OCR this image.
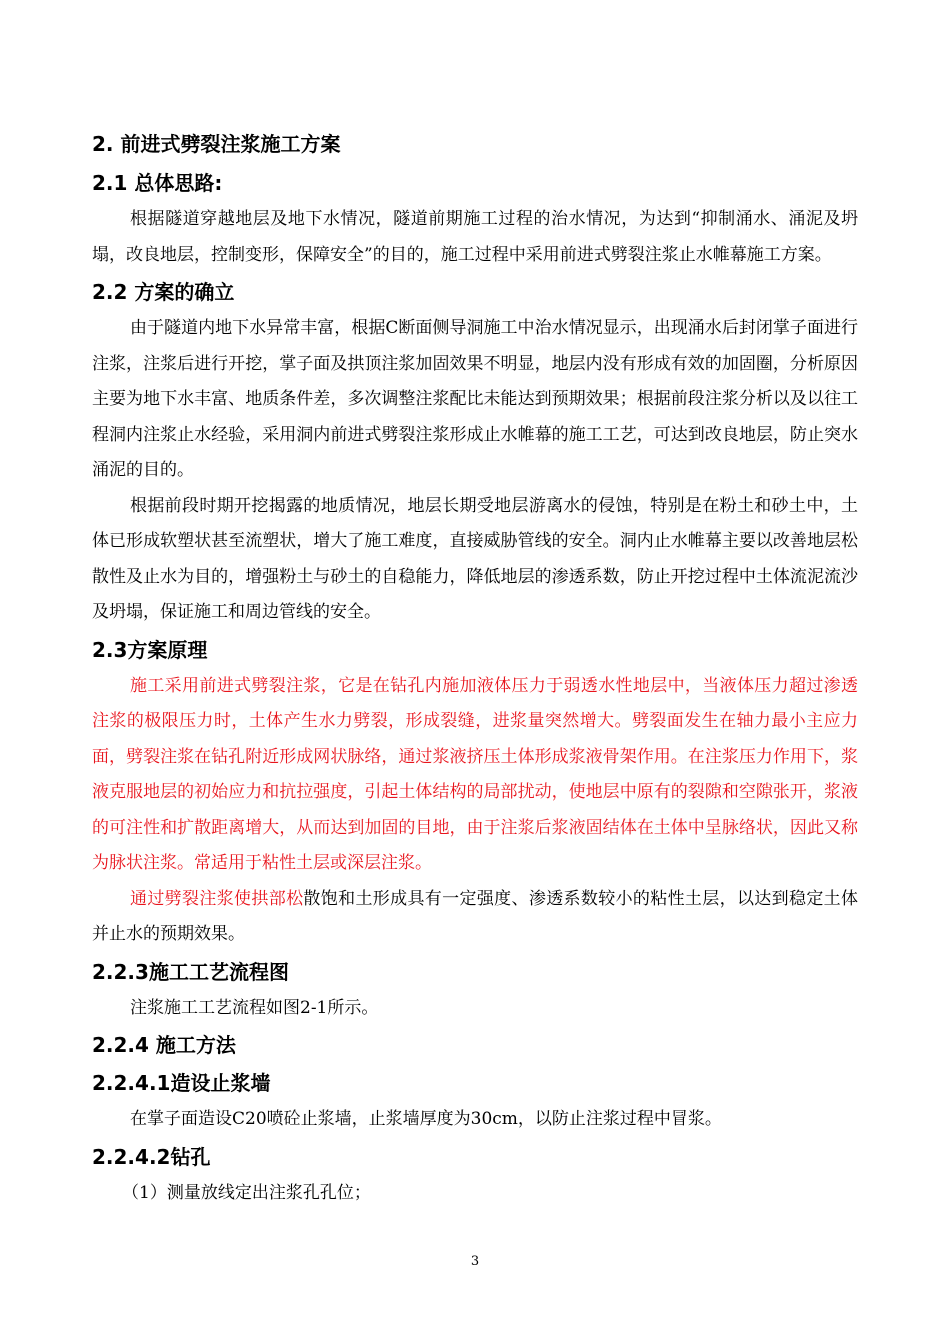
2. 前进式劈裂注浆施工方案
2.1 总体思路:

根据隧道穿越地层及地下水情况，隧道前期施工过程的治水情况，为达到“抑制涌水、涌泥及坍塌，改良地层，控制变形，保障安全”的目的，施工过程中采用前进式劈裂注浆止水帷幕施工方案。

2.2 方案的确立

由于隧道内地下水异常丰富，根据C断面侧导洞施工中治水情况显示，出现涌水后封闭掌子面进行注浆，注浆后进行开挖，掌子面及拱顶注浆加固效果不明显，地层内没有形成有效的加固圈，分析原因主要为地下水丰富、地质条件差，多次调整注浆配比未能达到预期效果；根据前段注浆分析以及以往工程洞内注浆止水经验，采用洞内前进式劈裂注浆形成止水帷幕的施工工艺，可达到改良地层，防止突水涌泥的目的。

根据前段时期开挖揭露的地质情况，地层长期受地层游离水的侵蚀，特别是在粉土和砂土中，土体已形成软塑状甚至流塑状，增大了施工难度，直接威胁管线的安全。洞内止水帷幕主要以改善地层松散性及止水为目的，增强粉土与砂土的自稳能力，降低地层的渗透系数，防止开挖过程中土体流泥流沙及坍塌，保证施工和周边管线的安全。

2.3方案原理

施工采用前进式劈裂注浆，它是在钻孔内施加液体压力于弱透水性地层中，当液体压力超过渗透注浆的极限压力时，土体产生水力劈裂，形成裂缝，进浆量突然增大。劈裂面发生在轴力最小主应力面，劈裂注浆在钻孔附近形成网状脉络，通过浆液挤压土体形成浆液骨架作用。在注浆压力作用下，浆液克服地层的初始应力和抗拉强度，引起土体结构的局部扰动，使地层中原有的裂隙和空隙张开，浆液的可注性和扩散距离增大，从而达到加固的目地，由于注浆后浆液固结体在土体中呈脉络状，因此又称为脉状注浆。常适用于粘性土层或深层注浆。

通过劈裂注浆使拱部松散饱和土形成具有一定强度、渗透系数较小的粘性土层，以达到稳定土体并止水的预期效果。

2.2.3施工工艺流程图

注浆施工工艺流程如图2-1所示。

2.2.4 施工方法
2.2.4.1造设止浆墙

在掌子面造设C20喷砼止浆墙，止浆墙厚度为30cm，以防止注浆过程中冒浆。

2.2.4.2钻孔

（1）测量放线定出注浆孔孔位；

3
